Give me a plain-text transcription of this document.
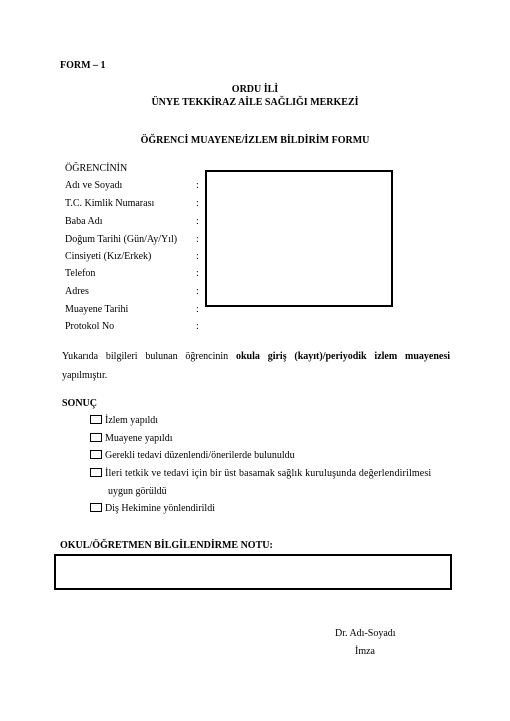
FORM – 1
ORDU İLİ
ÜNYE TEKKİRAZ AİLE SAĞLIĞI MERKEZİ
ÖĞRENCİ MUAYENE/İZLEM BİLDİRİM FORMU
ÖĞRENCİNİN
Adı ve Soyadı	:
T.C. Kimlik Numarası	:
Baba Adı	:
Doğum Tarihi (Gün/Ay/Yıl) :
Cinsiyeti (Kız/Erkek)	:
Telefon	:
Adres	:
Muayene Tarihi	:
Protokol No	:
Yukarıda bilgileri bulunan öğrencinin okula giriş (kayıt)/periyodik izlem muayenesi yapılmıştır.
SONUÇ
İzlem yapıldı
Muayene yapıldı
Gerekli tedavi düzenlendi/önerilerde bulunuldu
İleri tetkik ve tedavi için bir üst basamak sağlık kuruluşunda değerlendirilmesi
uygun görüldü
Diş Hekimine yönlendirildi
OKUL/ÖĞRETMEN BİLGİLENDİRME NOTU:
Dr. Adı-Soyadı
İmza
